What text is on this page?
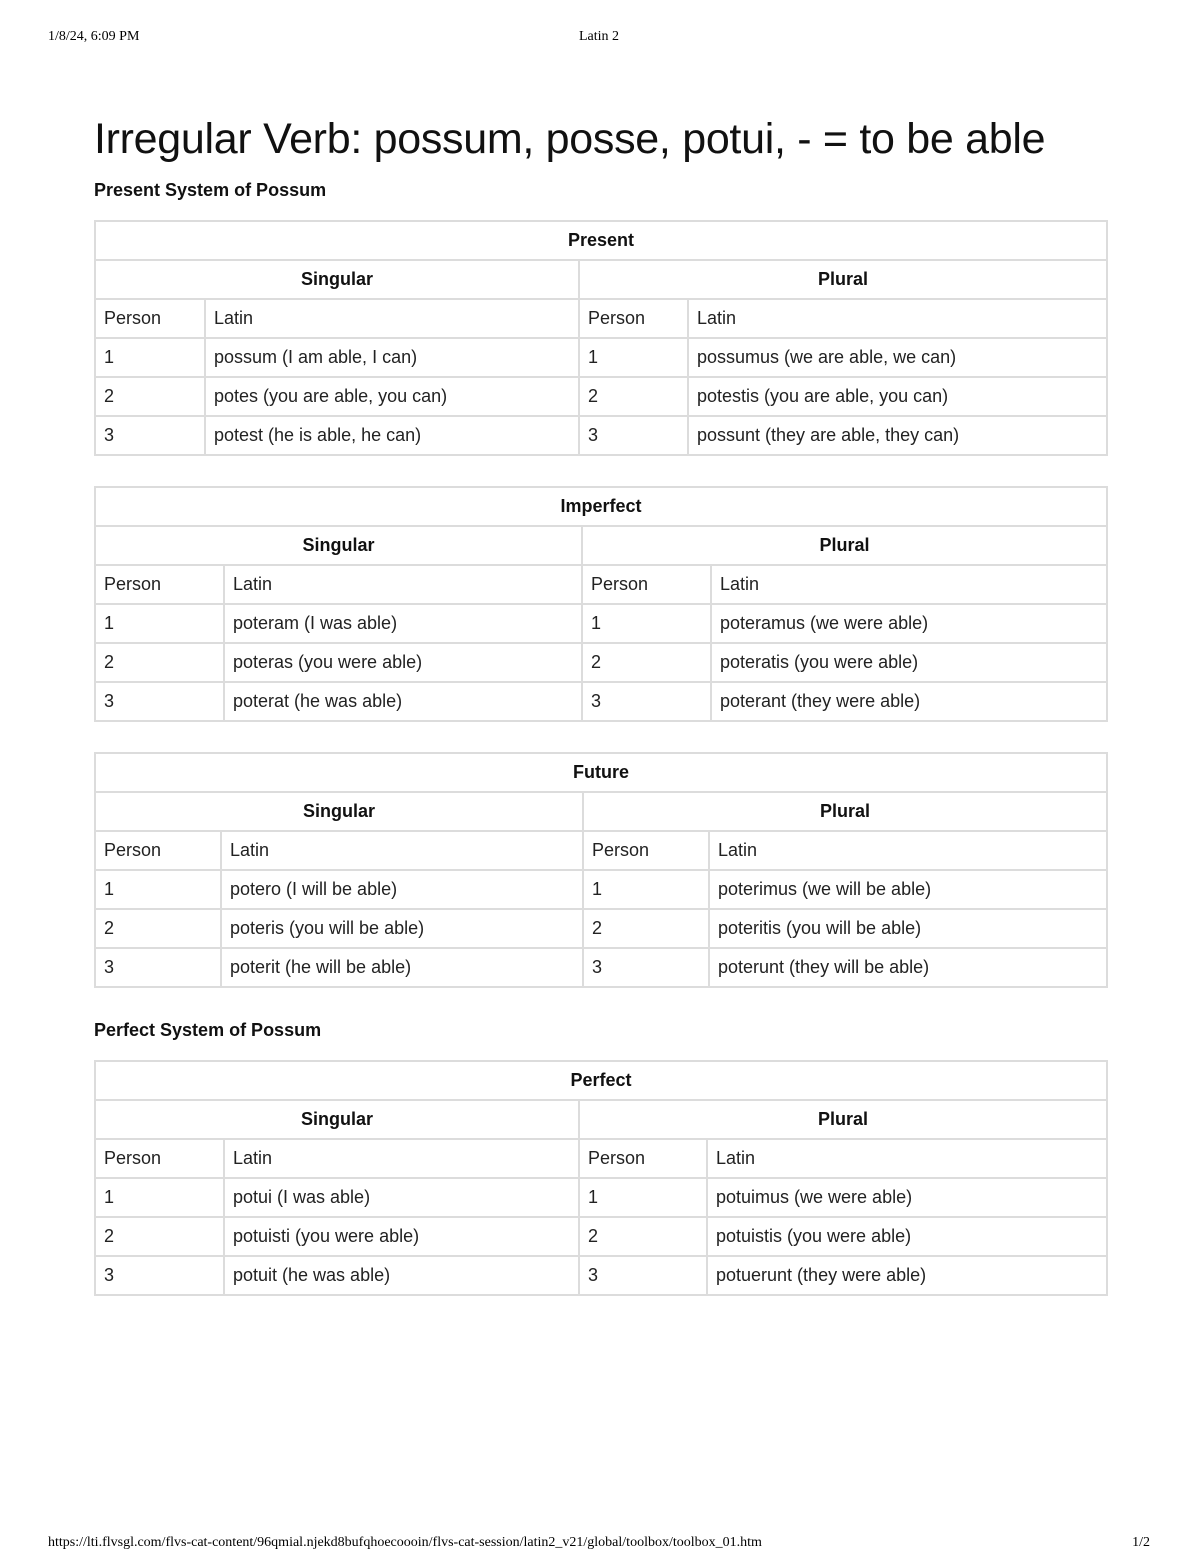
1/8/24, 6:09 PM	Latin 2
Irregular Verb: possum, posse, potui, - = to be able
Present System of Possum
Present			
Singular		Plural	
Person	Latin	Person	Latin
1	possum (I am able, I can)	1	possumus (we are able, we can)
2	potes (you are able, you can)	2	potestis (you are able, you can)
3	potest (he is able, he can)	3	possunt (they are able, they can)
Imperfect			
Singular		Plural	
Person	Latin	Person	Latin
1	poteram (I was able)	1	poteramus (we were able)
2	poteras (you were able)	2	poteratis (you were able)
3	poterat (he was able)	3	poterant (they were able)
Future			
Singular		Plural	
Person	Latin	Person	Latin
1	potero (I will be able)	1	poterimus (we will be able)
2	poteris (you will be able)	2	poteritis (you will be able)
3	poterit (he will be able)	3	poterunt (they will be able)
Perfect System of Possum
Perfect			
Singular		Plural	
Person	Latin	Person	Latin
1	potui (I was able)	1	potuimus (we were able)
2	potuisti (you were able)	2	potuistis (you were able)
3	potuit (he was able)	3	potuerunt (they were able)
https://lti.flvsgl.com/flvs-cat-content/96qmial.njekd8bufqhoecoooin/flvs-cat-session/latin2_v21/global/toolbox/toolbox_01.htm	1/2
